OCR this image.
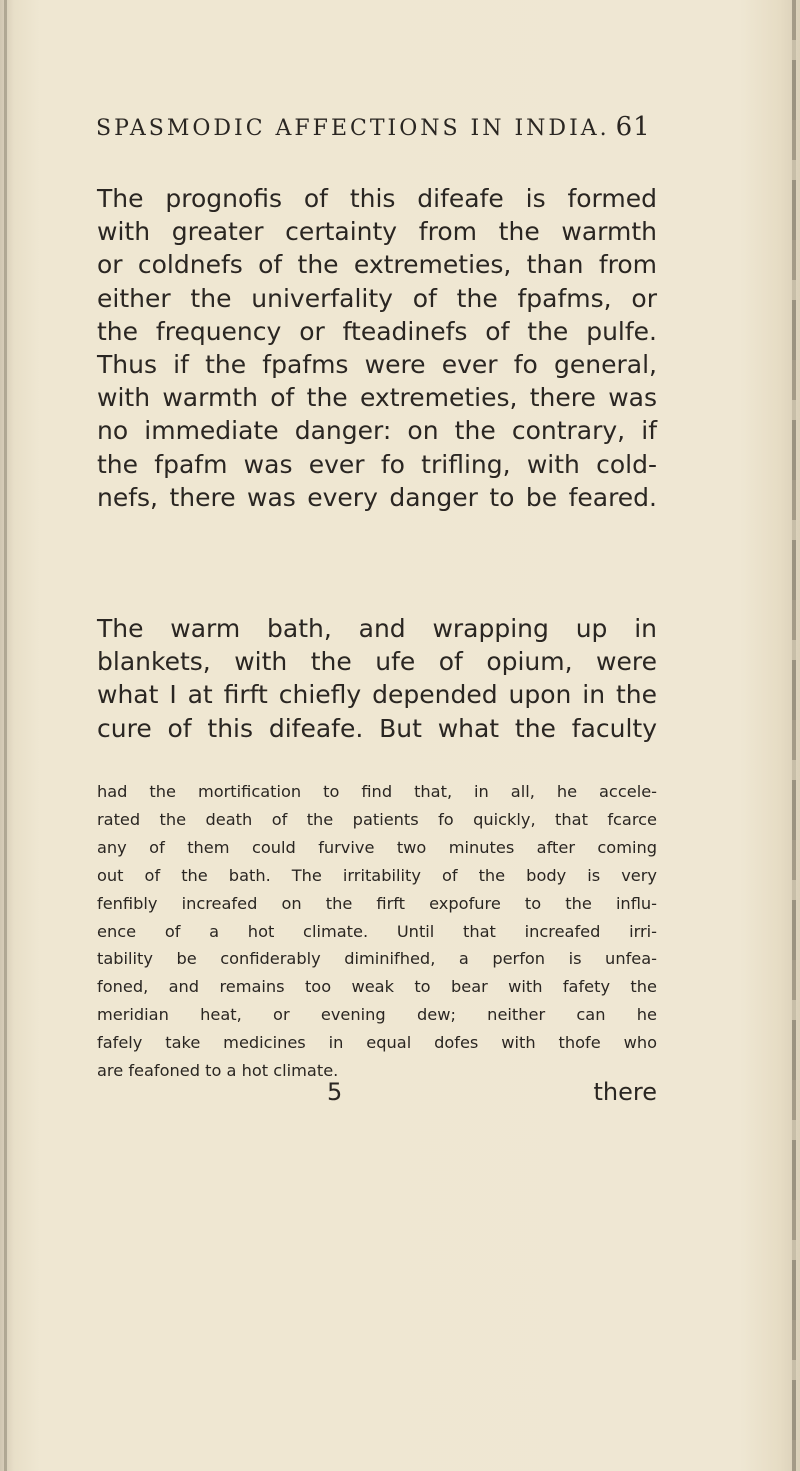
SPASMODIC AFFECTIONS IN INDIA. 61
The prognofis of this difeafe is formed
with greater certainty from the warmth
or coldnefs of the extremeties, than from
either the univerfality of the fpafms, or
the frequency or fteadinefs of the pulfe.
Thus if the fpafms were ever fo general,
with warmth of the extremeties, there was
no immediate danger: on the contrary, if
the fpafm was ever fo trifling, with cold-
nefs, there was every danger to be feared.
The warm bath, and wrapping up in
blankets, with the ufe of opium, were
what I at firft chiefly depended upon in the
cure of this difeafe. But what the faculty
had the mortification to find that, in all, he accele-
rated the death of the patients fo quickly, that fcarce
any of them could furvive two minutes after coming
out of the bath. The irritability of the body is very
fenfibly increafed on the firft expofure to the influ-
ence of a hot climate. Until that increafed irri-
tability be confiderably diminifhed, a perfon is unfea-
foned, and remains too weak to bear with fafety the
meridian heat, or evening dew; neither can he
fafely take medicines in equal dofes with thofe who
are feafoned to a hot climate.
5	there
